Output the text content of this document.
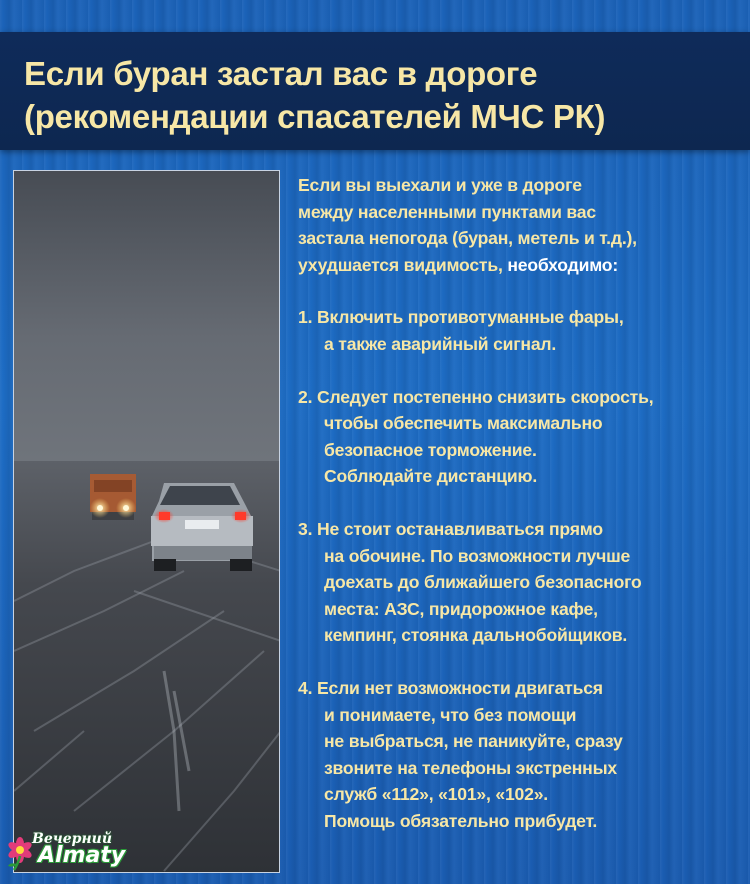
Если буран застал вас в дороге
(рекомендации спасателей МЧС РК)
Если вы выехали и уже в дороге
между населенными пунктами вас
застала непогода (буран, метель и т.д.),
ухудшается видимость, необходимо:
1. Включить противотуманные фары,
а также аварийный сигнал.
2. Следует постепенно снизить скорость,
чтобы обеспечить максимально
безопасное торможение.
Соблюдайте дистанцию.
3. Не стоит останавливаться прямо
на обочине. По возможности лучше
доехать до ближайшего безопасного
места: АЗС, придорожное кафе,
кемпинг, стоянка дальнобойщиков.
4. Если нет возможности двигаться
и понимаете, что без помощи
не выбраться, не паникуйте, сразу
звоните на телефоны экстренных
служб «112», «101», «102».
Помощь обязательно прибудет.
Вечерний
Almaty
